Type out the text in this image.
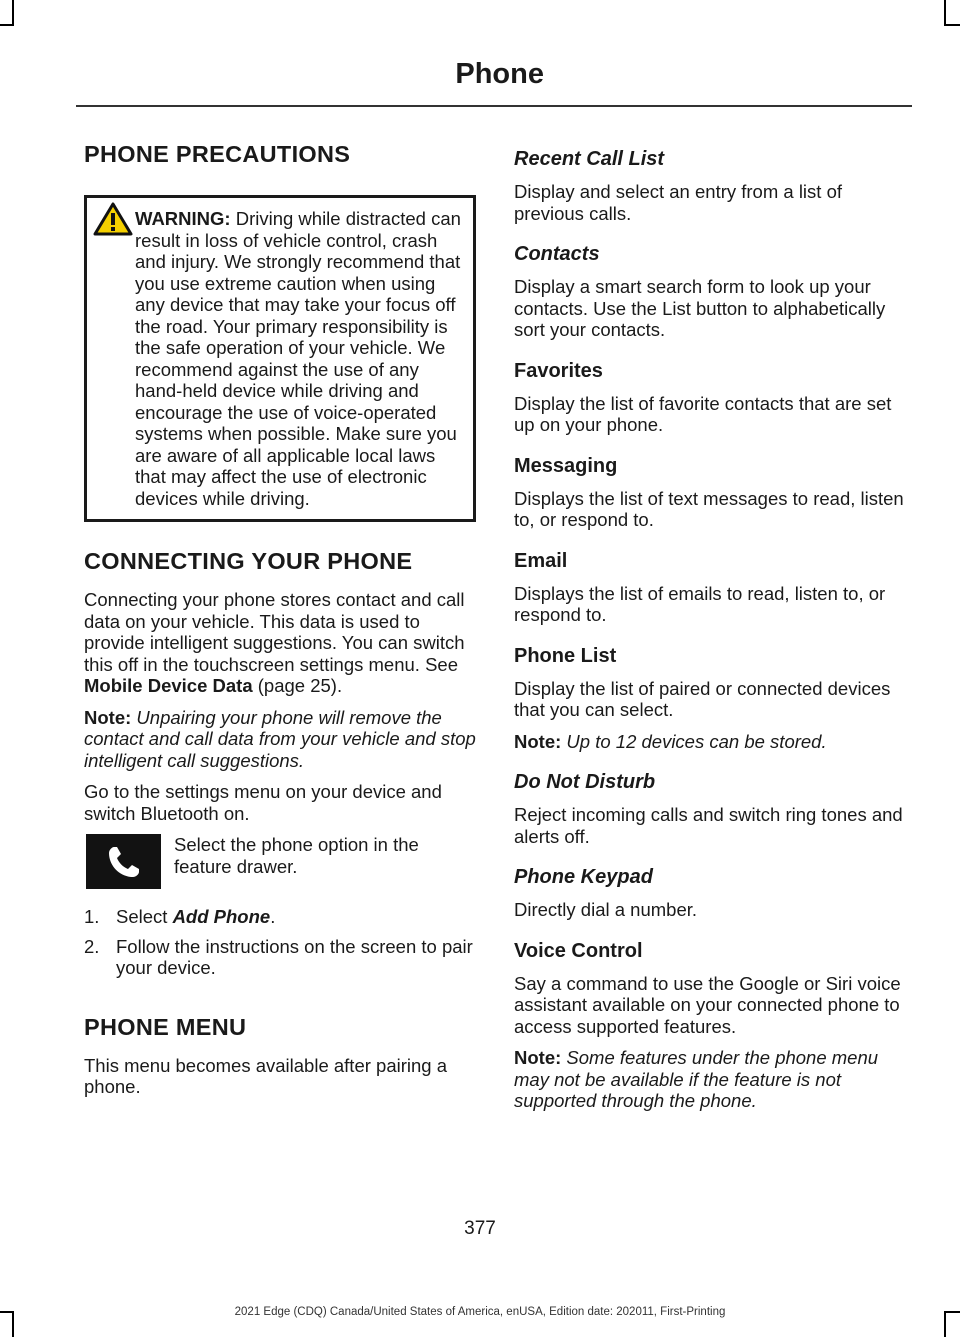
Phone
PHONE PRECAUTIONS
WARNING: Driving while distracted can result in loss of vehicle control, crash and injury. We strongly recommend that you use extreme caution when using any device that may take your focus off the road. Your primary responsibility is the safe operation of your vehicle. We recommend against the use of any hand-held device while driving and encourage the use of voice-operated systems when possible. Make sure you are aware of all applicable local laws that may affect the use of electronic devices while driving.
CONNECTING YOUR PHONE

Connecting your phone stores contact and call data on your vehicle. This data is used to provide intelligent suggestions. You can switch this off in the touchscreen settings menu. See Mobile Device Data (page 25).

Note: Unpairing your phone will remove the contact and call data from your vehicle and stop intelligent call suggestions.

Go to the settings menu on your device and switch Bluetooth on.

Select the phone option in the feature drawer.
1. Select Add Phone.
2. Follow the instructions on the screen to pair your device.
PHONE MENU

This menu becomes available after pairing a phone.

Recent Call List

Display and select an entry from a list of previous calls.

Contacts

Display a smart search form to look up your contacts. Use the List button to alphabetically sort your contacts.

Favorites

Display the list of favorite contacts that are set up on your phone.

Messaging

Displays the list of text messages to read, listen to, or respond to.

Email

Displays the list of emails to read, listen to, or respond to.

Phone List

Display the list of paired or connected devices that you can select.

Note: Up to 12 devices can be stored.

Do Not Disturb

Reject incoming calls and switch ring tones and alerts off.

Phone Keypad

Directly dial a number.

Voice Control

Say a command to use the Google or Siri voice assistant available on your connected phone to access supported features.

Note: Some features under the phone menu may not be available if the feature is not supported through the phone.

377
2021 Edge (CDQ) Canada/United States of America, enUSA, Edition date: 202011, First-Printing
